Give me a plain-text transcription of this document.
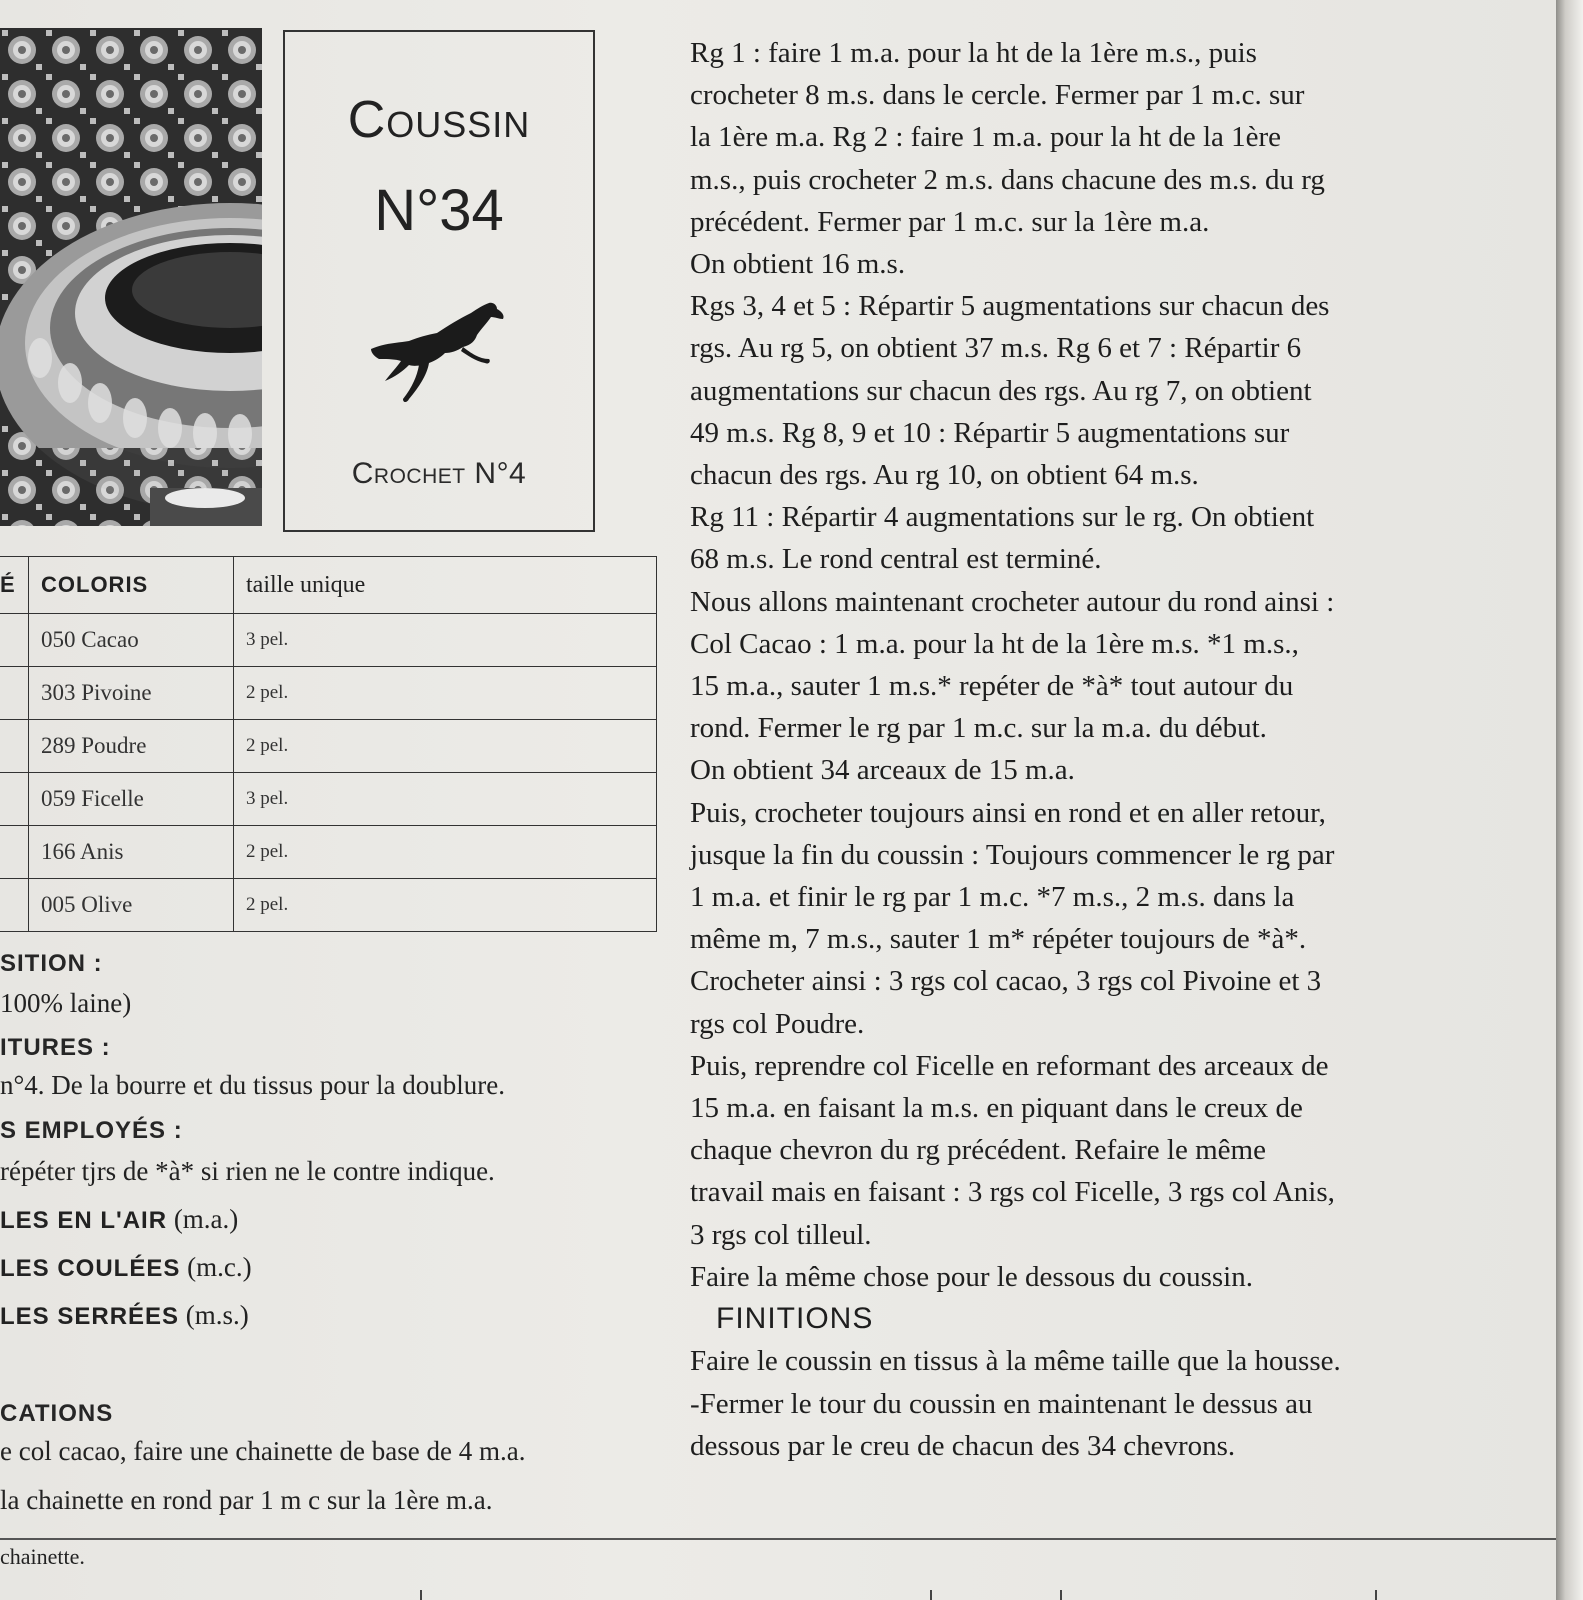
Coussin
N°34
Crochet N°4
É	COLORIS	taille unique
	050 Cacao	3 pel.
	303 Pivoine	2 pel.
	289 Poudre	2 pel.
	059 Ficelle	3 pel.
	166 Anis	2 pel.
	005 Olive	2 pel.
SITION :
100% laine)
ITURES :
n°4. De la bourre et du tissus pour la doublure.
S EMPLOYÉS :
répéter tjrs de *à* si rien ne le contre indique.
LES EN L'AIR (m.a.)
LES COULÉES (m.c.)
LES SERRÉES (m.s.)
CATIONS
e col cacao, faire une chainette de base de 4 m.a.
la chainette en rond par 1 m c sur la 1ère m.a.
chainette.

Rg 1 : faire 1 m.a. pour la ht de la 1ère m.s., puis

crocheter 8 m.s. dans le cercle. Fermer par 1 m.c. sur

la 1ère m.a. Rg 2 : faire 1 m.a. pour la ht de la 1ère

m.s., puis crocheter 2 m.s. dans chacune des m.s. du rg

précédent. Fermer par 1 m.c. sur la 1ère m.a.

On obtient 16 m.s.

Rgs 3, 4 et 5 : Répartir 5 augmentations sur chacun des

rgs. Au rg 5, on obtient 37 m.s. Rg 6 et 7 : Répartir 6

augmentations sur chacun des rgs. Au rg 7, on obtient

49 m.s. Rg 8, 9 et 10 : Répartir 5 augmentations sur

chacun des rgs. Au rg 10, on obtient 64 m.s.

Rg 11 : Répartir 4 augmentations sur le rg. On obtient

68 m.s. Le rond central est terminé.

Nous allons maintenant crocheter autour du rond ainsi :

Col Cacao : 1 m.a. pour la ht de la 1ère m.s. *1 m.s.,

15 m.a., sauter 1 m.s.* repéter de *à* tout autour du

rond. Fermer le rg par 1 m.c. sur la m.a. du début.

On obtient 34 arceaux de 15 m.a.

Puis, crocheter toujours ainsi en rond et en aller retour,

jusque la fin du coussin : Toujours commencer le rg par

1 m.a. et finir le rg par 1 m.c. *7 m.s., 2 m.s. dans la

même m, 7 m.s., sauter 1 m* répéter toujours de *à*.

Crocheter ainsi : 3 rgs col cacao, 3 rgs col Pivoine et 3

rgs col Poudre.

Puis, reprendre col Ficelle en reformant des arceaux de

15 m.a. en faisant la m.s. en piquant dans le creux de

chaque chevron du rg précédent. Refaire le même

travail mais en faisant : 3 rgs col Ficelle, 3 rgs col Anis,

3 rgs col tilleul.

Faire la même chose pour le dessous du coussin.

FINITIONS

Faire le coussin en tissus à la même taille que la housse.

-Fermer le tour du coussin en maintenant le dessus au

dessous par le creu de chacun des 34 chevrons.
